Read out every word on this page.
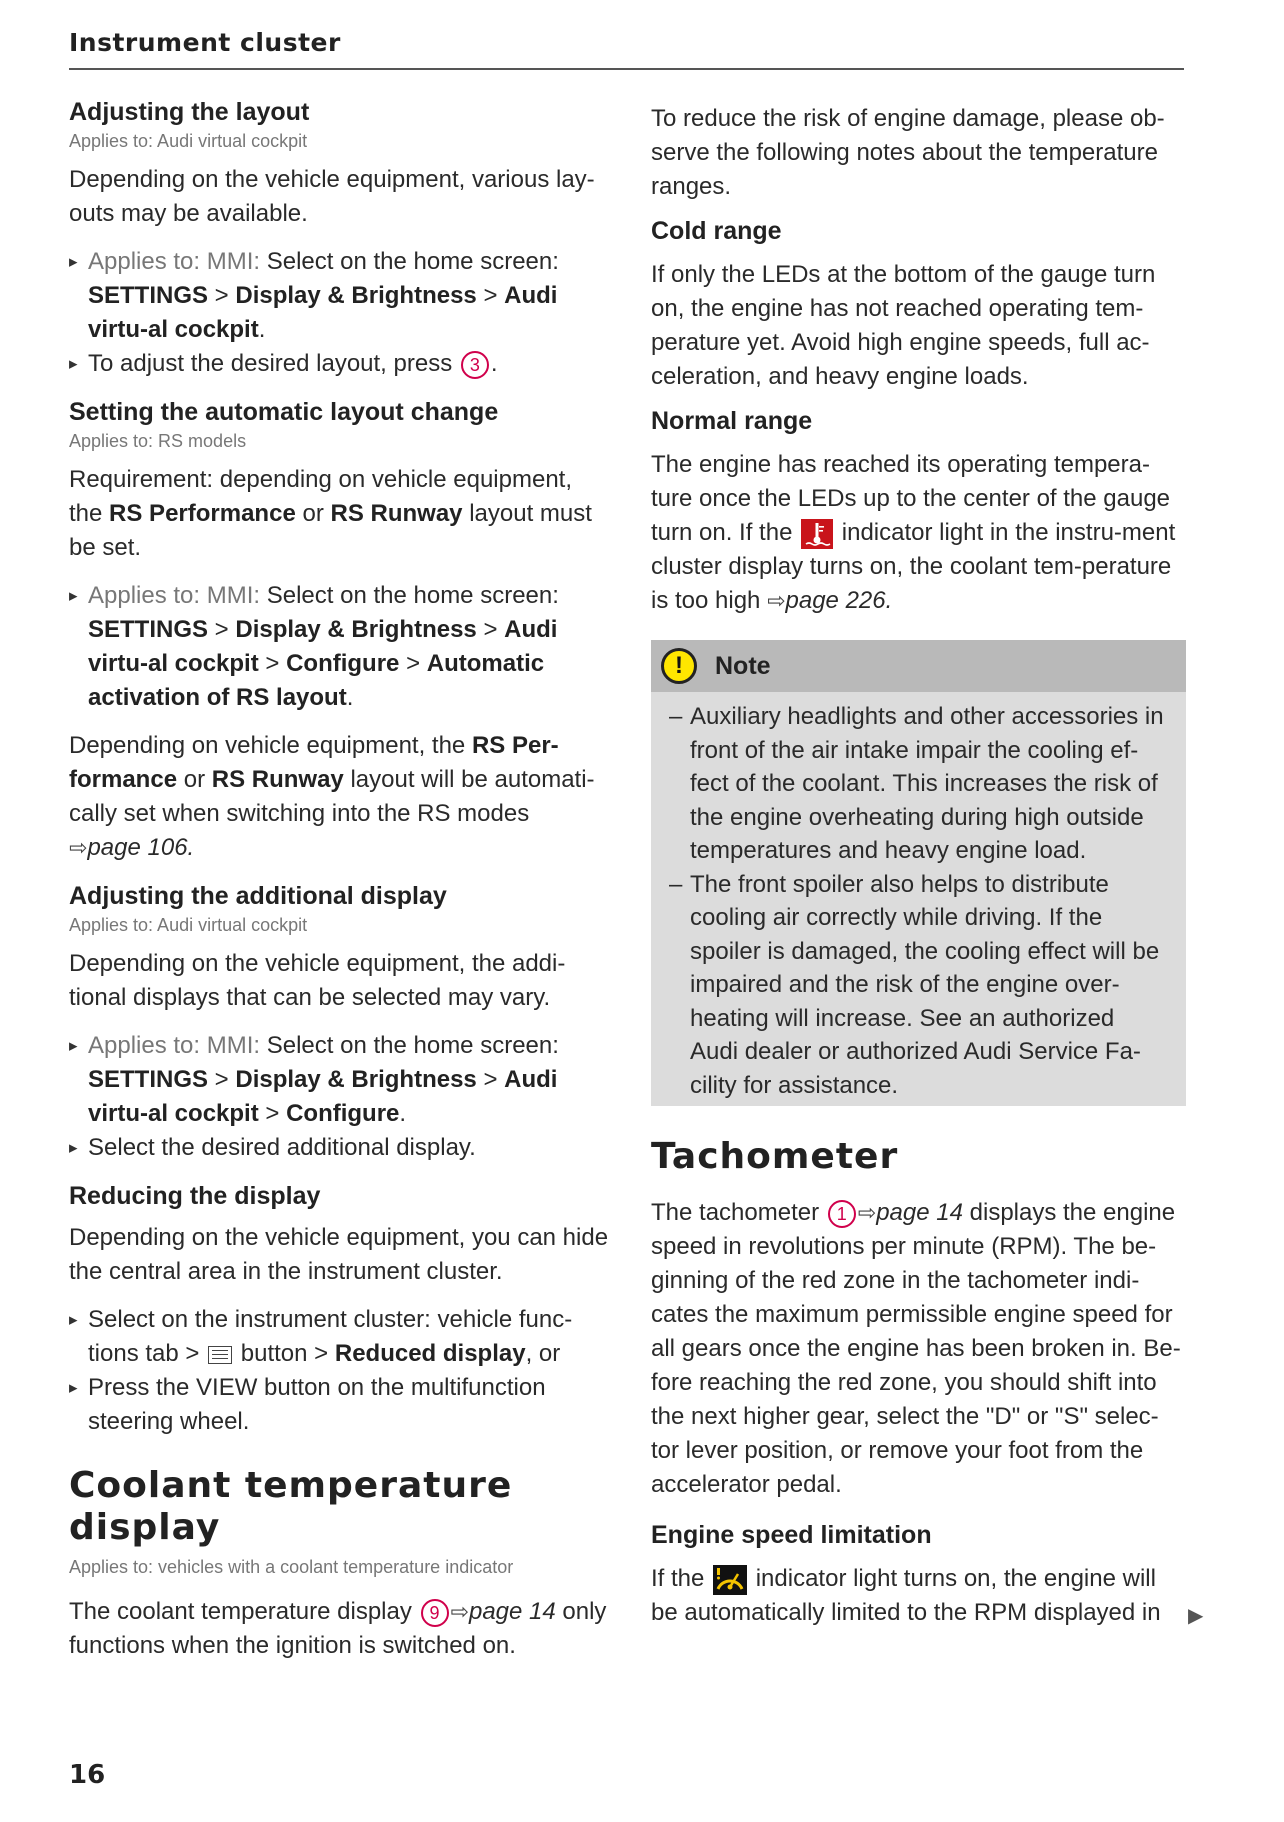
Instrument cluster
Adjusting the layout
Applies to: Audi virtual cockpit

Depending on the vehicle equipment, various lay-outs may be available.

▸ Applies to: MMI: Select on the home screen: SETTINGS > Display & Brightness > Audi virtu-al cockpit.
▸ To adjust the desired layout, press 3 .
Setting the automatic layout change
Applies to: RS models

Requirement: depending on vehicle equipment, the RS Performance or RS Runway layout must be set.

▸ Applies to: MMI: Select on the home screen: SETTINGS > Display & Brightness > Audi virtu-al cockpit > Configure > Automatic activation of RS layout.

Depending on vehicle equipment, the RS Per-formance or RS Runway layout will be automati-cally set when switching into the RS modes
⇨page 106.

Adjusting the additional display
Applies to: Audi virtual cockpit

Depending on the vehicle equipment, the addi-tional displays that can be selected may vary.

▸ Applies to: MMI: Select on the home screen: SETTINGS > Display & Brightness > Audi virtu-al cockpit > Configure.
▸ Select the desired additional display.
Reducing the display

Depending on the vehicle equipment, you can hide the central area in the instrument cluster.

▸ Select on the instrument cluster: vehicle func-tions tab >
button > Reduced display, or
▸ Press the VIEW button on the multifunction steering wheel.
Coolant temperature display
Applies to: vehicles with a coolant temperature indicator

The coolant temperature display 9 ⇨page 14 only functions when the ignition is switched on.

To reduce the risk of engine damage, please ob-serve the following notes about the temperature ranges.

Cold range

If only the LEDs at the bottom of the gauge turn on, the engine has not reached operating tem-perature yet. Avoid high engine speeds, full ac-celeration, and heavy engine loads.

Normal range

The engine has reached its operating tempera-ture once the LEDs up to the center of the gauge turn on. If the indicator light in the instru-ment cluster display turns on, the coolant tem-perature is too high ⇨page 226.

!	Note
– Auxiliary headlights and other accessories in front of the air intake impair the cooling ef-fect of the coolant. This increases the risk of the engine overheating during high outside temperatures and heavy engine load.
– The front spoiler also helps to distribute cooling air correctly while driving. If the spoiler is damaged, the cooling effect will be impaired and the risk of the engine over-heating will increase. See an authorized Audi dealer or authorized Audi Service Fa-cility for assistance.
Tachometer

The tachometer 1 ⇨page 14 displays the engine speed in revolutions per minute (RPM). The be-ginning of the red zone in the tachometer indi-cates the maximum permissible engine speed for all gears once the engine has been broken in. Be-fore reaching the red zone, you should shift into the next higher gear, select the "D" or "S" selec-tor lever position, or remove your foot from the accelerator pedal.

Engine speed limitation

If the indicator light turns on, the engine will be automatically limited to the RPM displayed in	▶
16
